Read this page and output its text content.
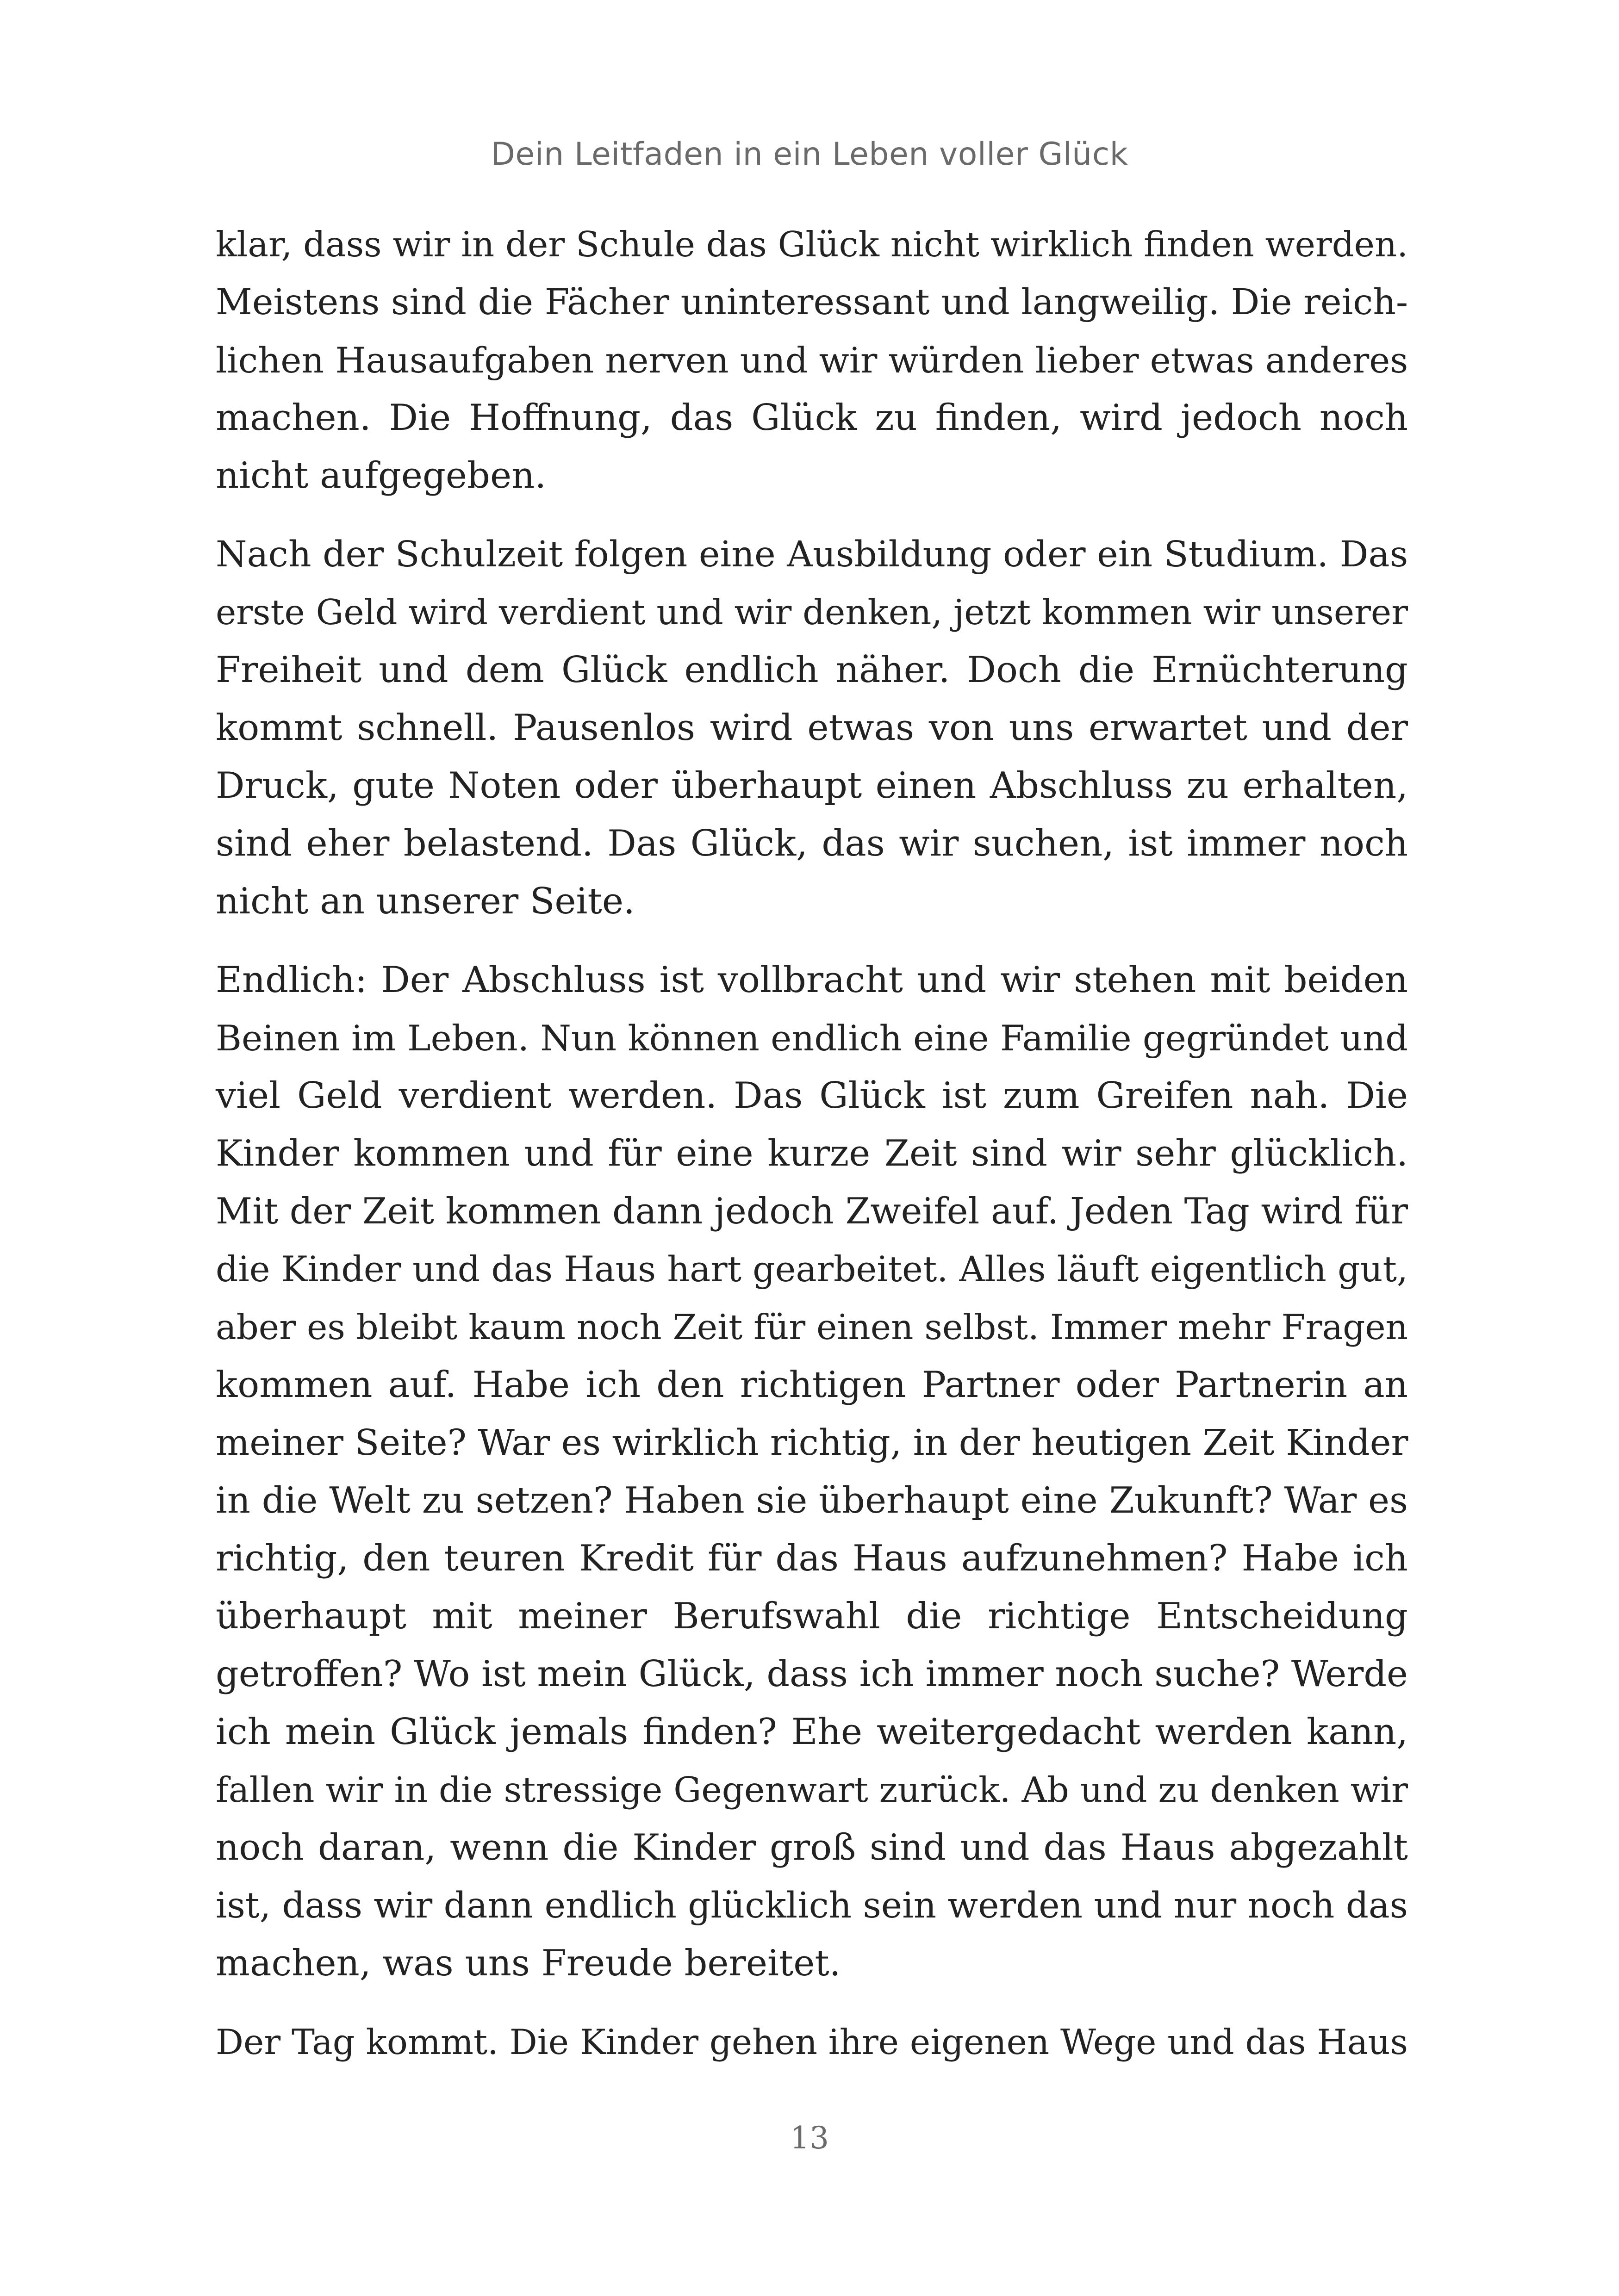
Dein Leitfaden in ein Leben voller Glück
klar, dass wir in der Schule das Glück nicht wirklich finden werden.
Meistens sind die Fächer uninteressant und langweilig. Die reich-
lichen Hausaufgaben nerven und wir würden lieber etwas anderes
machen. Die Hoffnung, das Glück zu finden, wird jedoch noch
nicht aufgegeben.
Nach der Schulzeit folgen eine Ausbildung oder ein Studium. Das
erste Geld wird verdient und wir denken, jetzt kommen wir unserer
Freiheit und dem Glück endlich näher. Doch die Ernüchterung
kommt schnell. Pausenlos wird etwas von uns erwartet und der
Druck, gute Noten oder überhaupt einen Abschluss zu erhalten,
sind eher belastend. Das Glück, das wir suchen, ist immer noch
nicht an unserer Seite.
Endlich: Der Abschluss ist vollbracht und wir stehen mit beiden
Beinen im Leben. Nun können endlich eine Familie gegründet und
viel Geld verdient werden. Das Glück ist zum Greifen nah. Die
Kinder kommen und für eine kurze Zeit sind wir sehr glücklich.
Mit der Zeit kommen dann jedoch Zweifel auf. Jeden Tag wird für
die Kinder und das Haus hart gearbeitet. Alles läuft eigentlich gut,
aber es bleibt kaum noch Zeit für einen selbst. Immer mehr Fragen
kommen auf. Habe ich den richtigen Partner oder Partnerin an
meiner Seite? War es wirklich richtig, in der heutigen Zeit Kinder
in die Welt zu setzen? Haben sie überhaupt eine Zukunft? War es
richtig, den teuren Kredit für das Haus aufzunehmen? Habe ich
überhaupt mit meiner Berufswahl die richtige Entscheidung
getroffen? Wo ist mein Glück, dass ich immer noch suche? Werde
ich mein Glück jemals finden? Ehe weitergedacht werden kann,
fallen wir in die stressige Gegenwart zurück. Ab und zu denken wir
noch daran, wenn die Kinder groß sind und das Haus abgezahlt
ist, dass wir dann endlich glücklich sein werden und nur noch das
machen, was uns Freude bereitet.
Der Tag kommt. Die Kinder gehen ihre eigenen Wege und das Haus
13
